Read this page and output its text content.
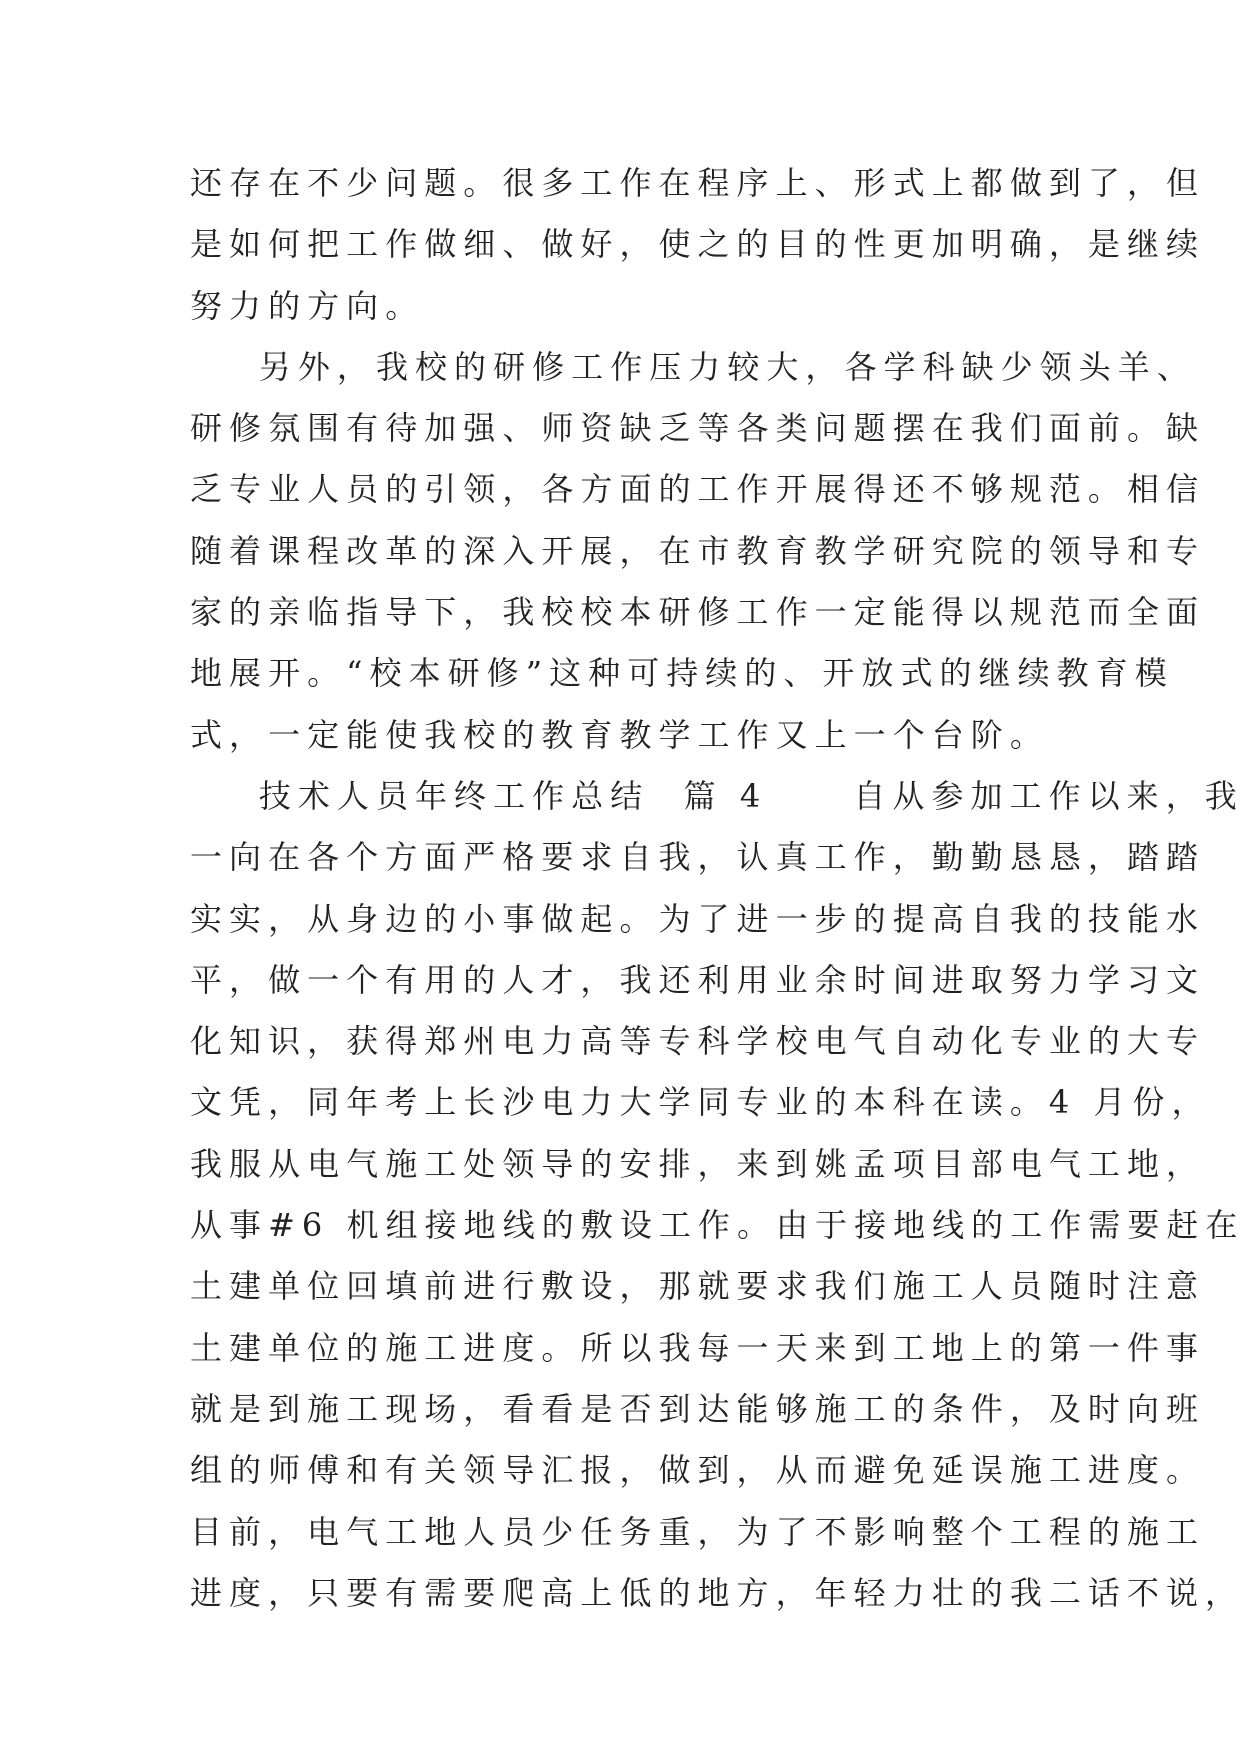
还存在不少问题。很多工作在程序上、形式上都做到了，但
是如何把工作做细、做好，使之的目的性更加明确，是继续
努力的方向。
另外，我校的研修工作压力较大，各学科缺少领头羊、
研修氛围有待加强、师资缺乏等各类问题摆在我们面前。缺
乏专业人员的引领，各方面的工作开展得还不够规范。相信
随着课程改革的深入开展，在市教育教学研究院的领导和专
家的亲临指导下，我校校本研修工作一定能得以规范而全面
地展开。“校本研修”这种可持续的、开放式的继续教育模
式，一定能使我校的教育教学工作又上一个台阶。
技术人员年终工作总结  篇 4     自从参加工作以来，我
一向在各个方面严格要求自我，认真工作，勤勤恳恳，踏踏
实实，从身边的小事做起。为了进一步的提高自我的技能水
平，做一个有用的人才，我还利用业余时间进取努力学习文
化知识，获得郑州电力高等专科学校电气自动化专业的大专
文凭，同年考上长沙电力大学同专业的本科在读。4 月份，
我服从电气施工处领导的安排，来到姚孟项目部电气工地，
从事#6 机组接地线的敷设工作。由于接地线的工作需要赶在
土建单位回填前进行敷设，那就要求我们施工人员随时注意
土建单位的施工进度。所以我每一天来到工地上的第一件事
就是到施工现场，看看是否到达能够施工的条件，及时向班
组的师傅和有关领导汇报，做到，从而避免延误施工进度。
目前，电气工地人员少任务重，为了不影响整个工程的施工
进度，只要有需要爬高上低的地方，年轻力壮的我二话不说，
